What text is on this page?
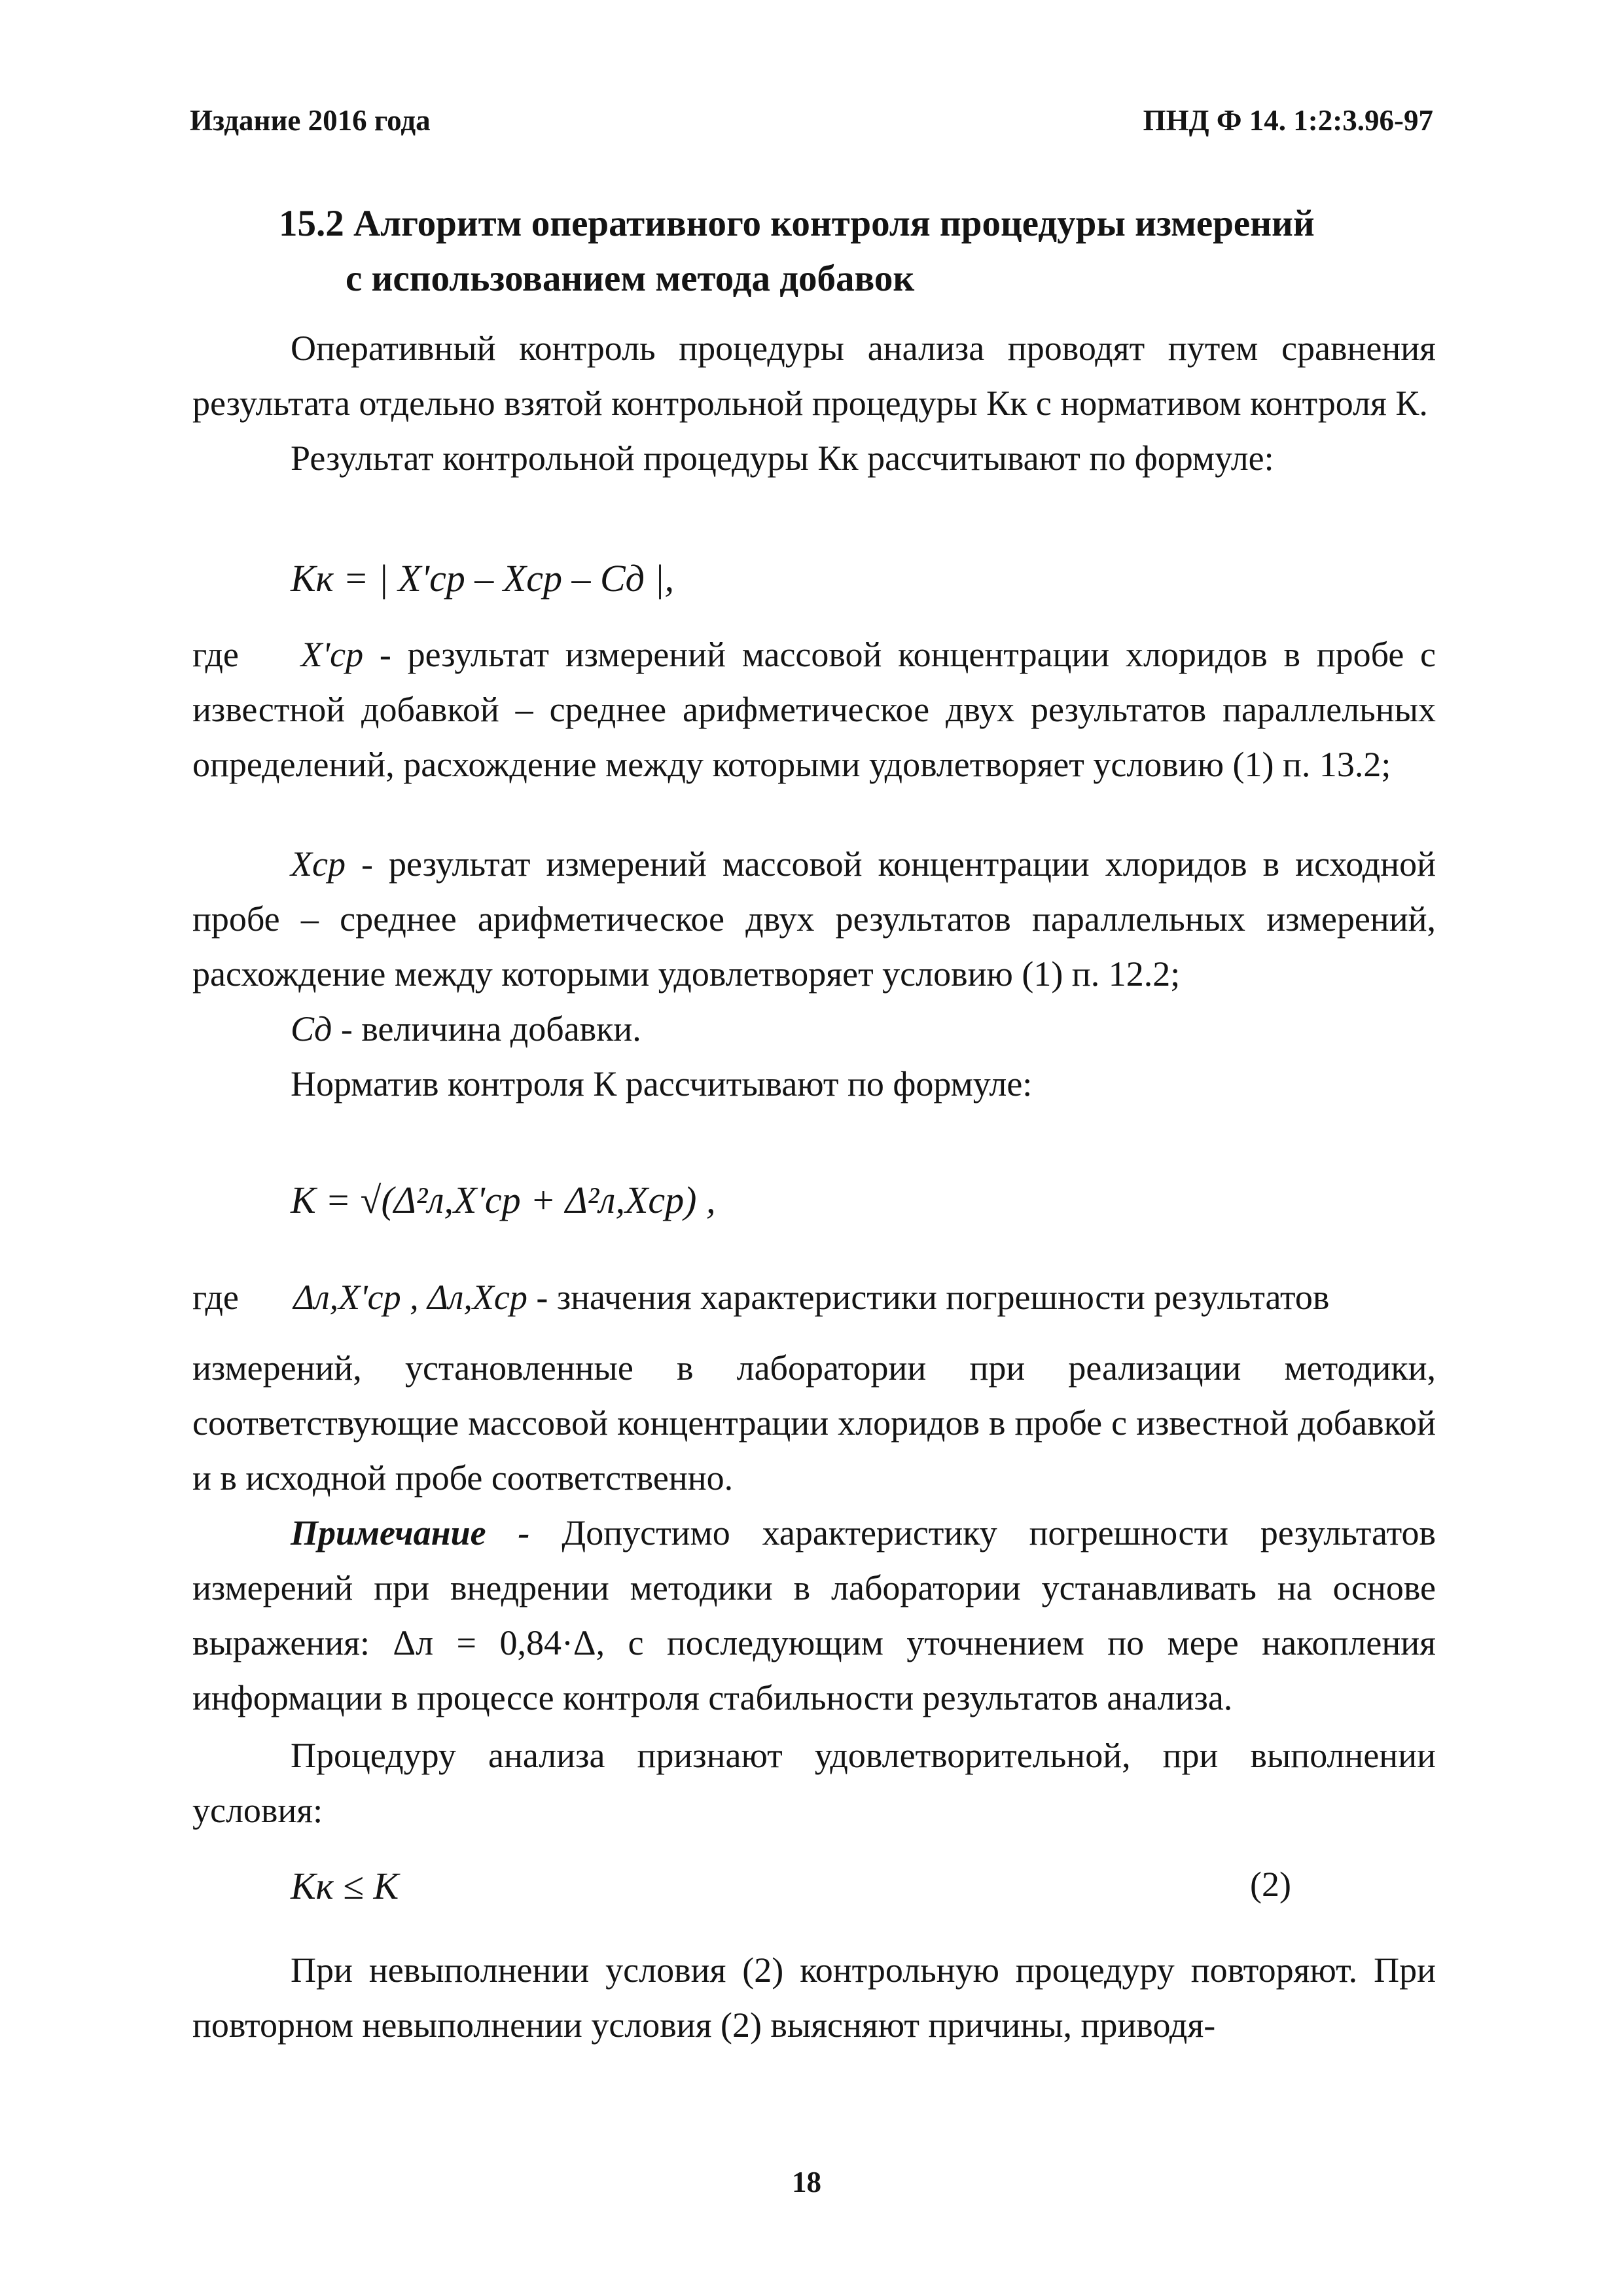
Издание 2016 года	ПНД Ф 14. 1:2:3.96-97
15.2 Алгоритм оперативного контроля процедуры измерений
с использованием метода добавок
Оперативный контроль процедуры анализа проводят путем сравнения результата отдельно взятой контрольной процедуры Кк с нормативом контроля К.
Результат контрольной процедуры Кк рассчитывают по формуле:
Кк = | X'ср – Xср – Cд |,
где X'ср - результат измерений массовой концентрации хлоридов в пробе с известной добавкой – среднее арифметическое двух результатов параллельных определений, расхождение между которыми удовлетворяет условию (1) п. 13.2;
Xср - результат измерений массовой концентрации хлоридов в исходной пробе – среднее арифметическое двух результатов параллельных измерений, расхождение между которыми удовлетворяет условию (1) п. 12.2;
Cд - величина добавки.
Норматив контроля К рассчитывают по формуле:
К = √(Δ²л,X'ср + Δ²л,Xср) ,
где Δл,X'ср , Δл,Xср - значения характеристики погрешности результатов
измерений, установленные в лаборатории при реализации методики, соответствующие массовой концентрации хлоридов в пробе с известной добавкой и в исходной пробе соответственно.
Примечание - Допустимо характеристику погрешности результатов измерений при внедрении методики в лаборатории устанавливать на основе выражения: Δл = 0,84·Δ, с последующим уточнением по мере накопления информации в процессе контроля стабильности результатов анализа.
Процедуру анализа признают удовлетворительной, при выполнении условия:
Кк ≤ К	(2)
При невыполнении условия (2) контрольную процедуру повторяют. При повторном невыполнении условия (2) выясняют причины, приводя-
18
